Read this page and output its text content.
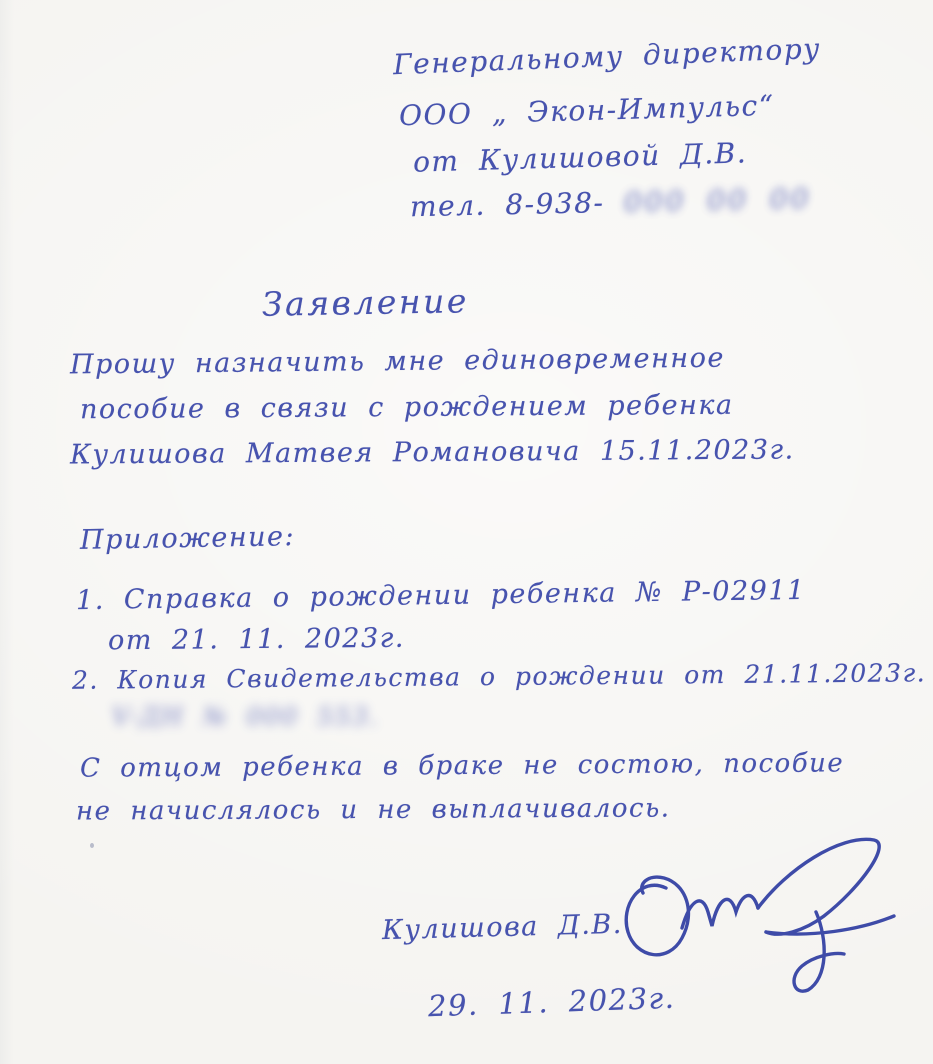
Генеральному директору
ООО „ Экон-Импульс“
от Кулишовой Д.В.
тел. 8-938- 000 00 00
Заявление
Прошу назначить мне единовременное
пособие в связи с рождением ребенка
Кулишова Матвея Романовича 15.11.2023г.
Приложение:
1. Справка о рождении ребенка № Р-02911
от 21. 11. 2023г.
2. Копия Свидетельства о рождении от 21.11.2023г.
V-ДН № 000 553.
С отцом ребенка в браке не состою, пособие
не начислялось и не выплачивалось.
Кулишова Д.В.
29. 11. 2023г.
